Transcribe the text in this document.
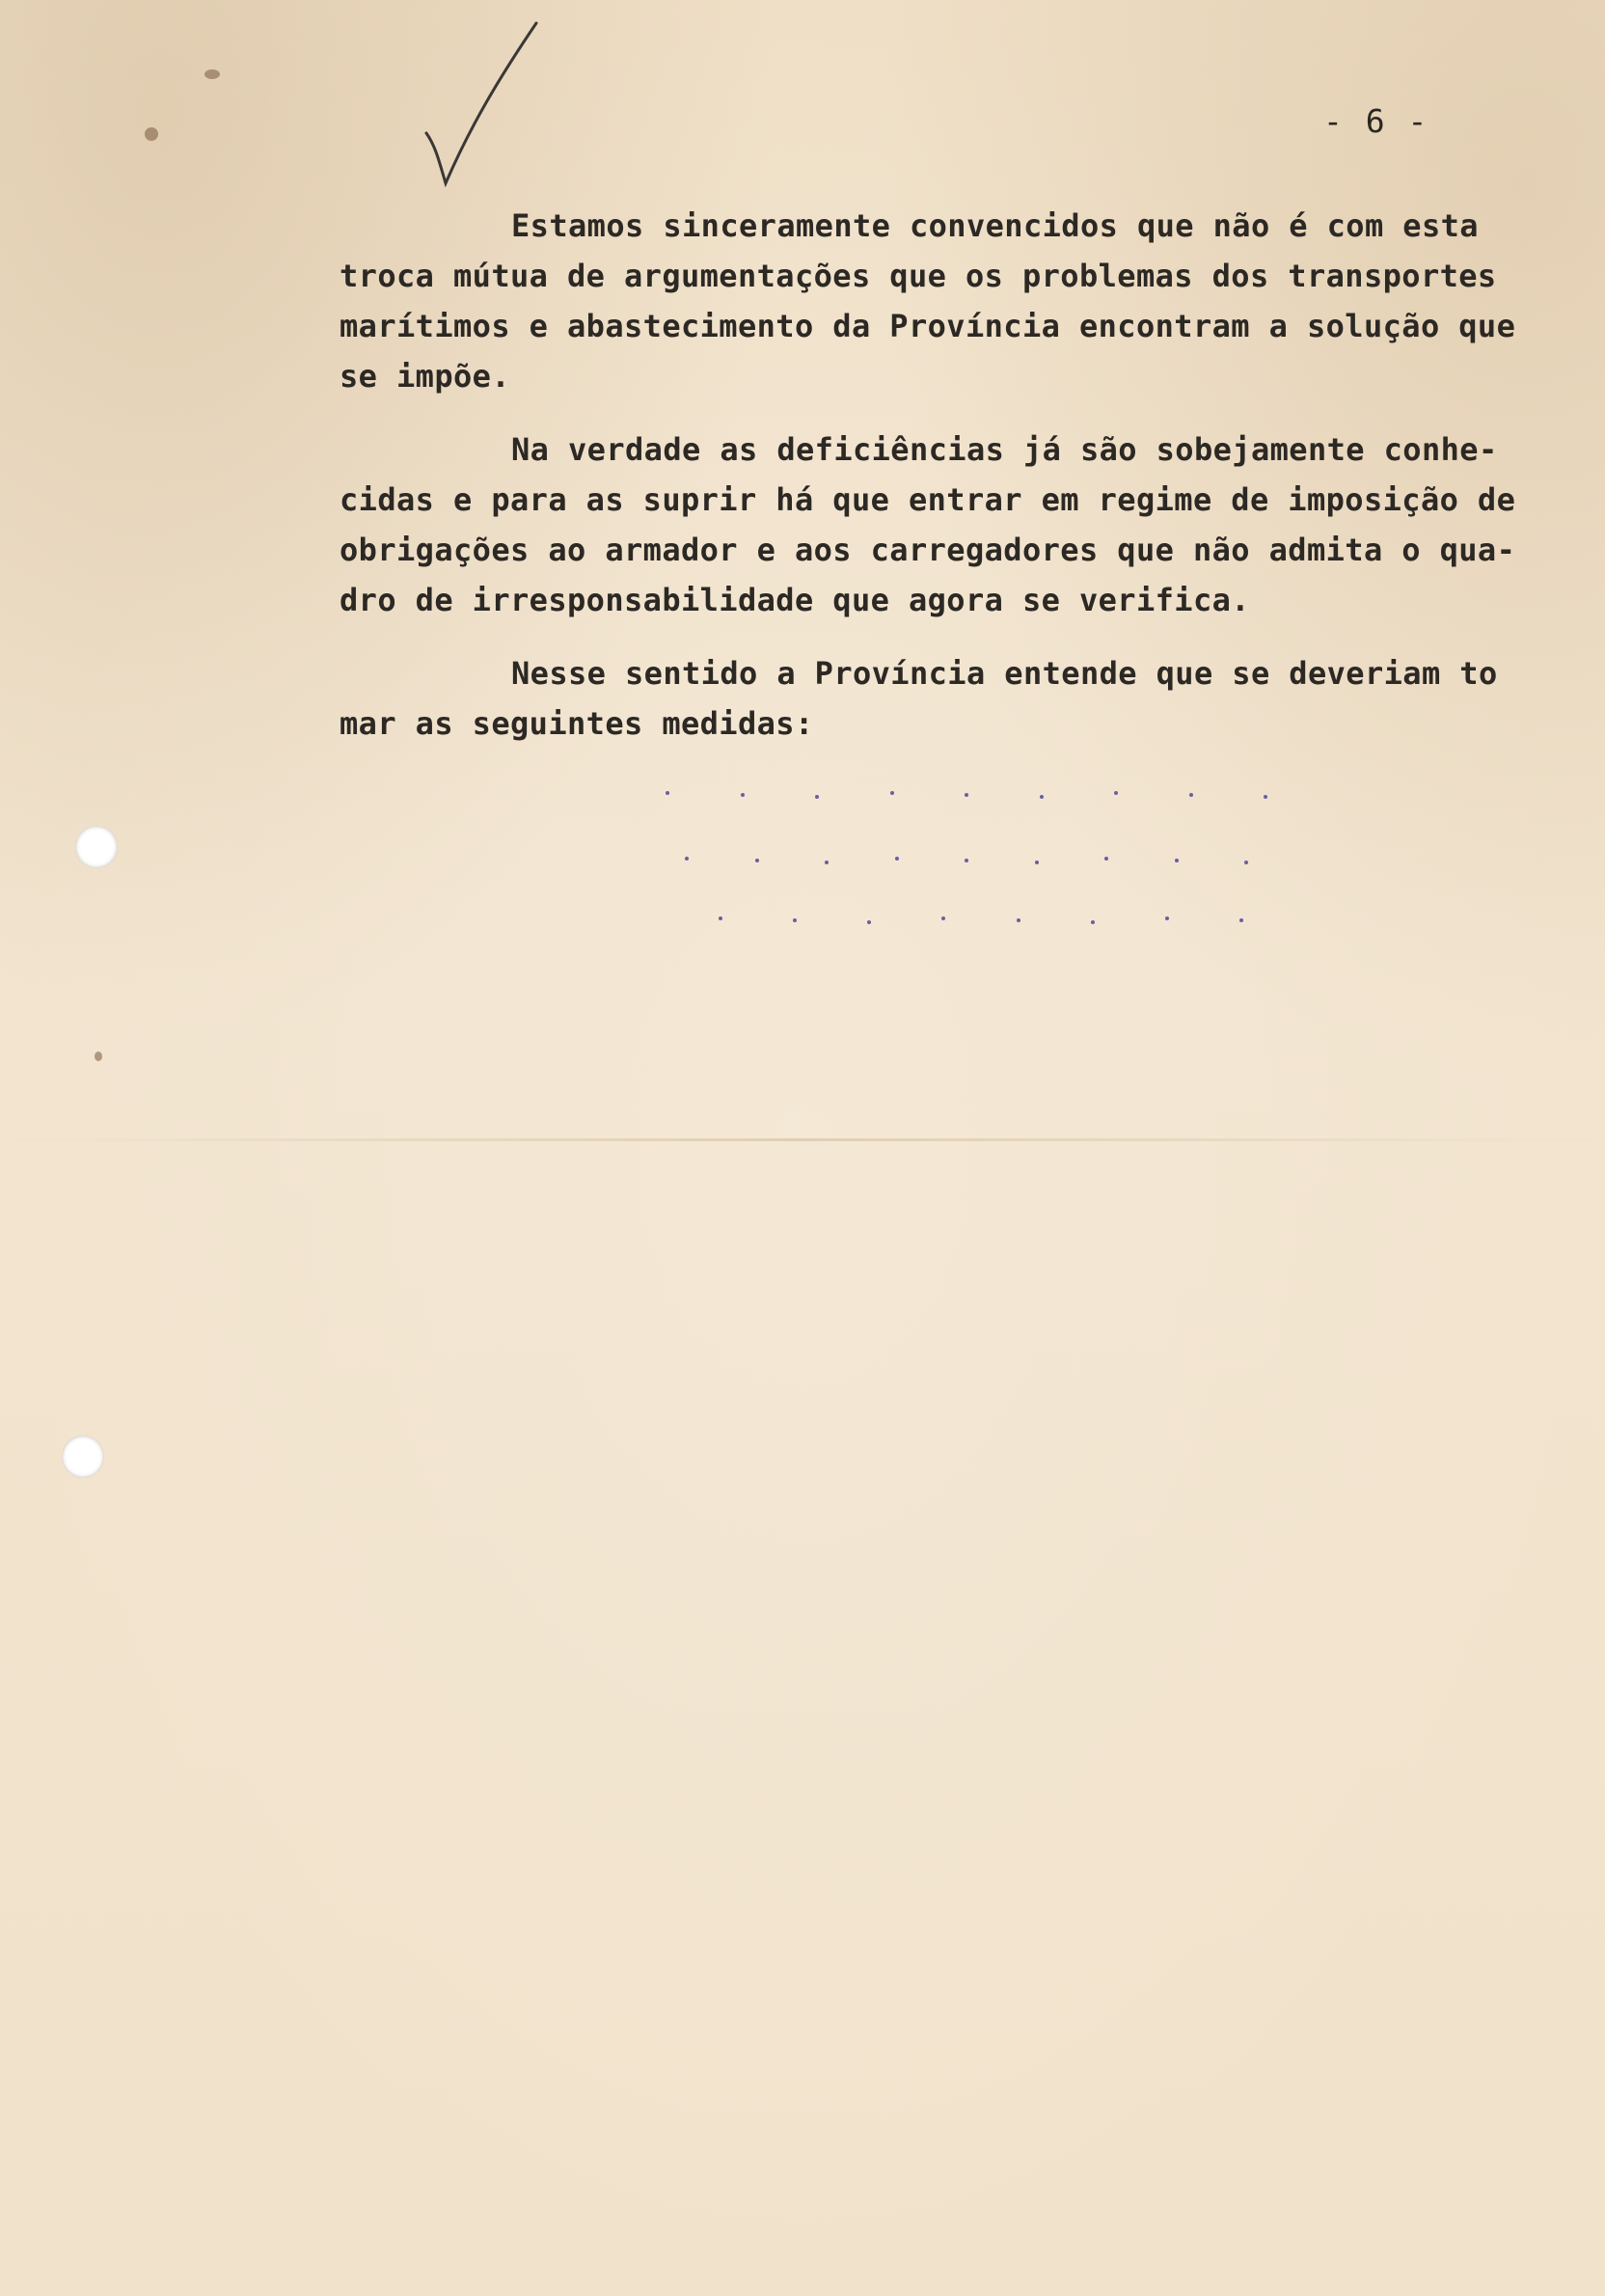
- 6 -
Estamos sinceramente convencidos que não é com esta
troca mútua de argumentações que os problemas dos transportes
marítimos e abastecimento da Província encontram a solução que
se impõe.
Na verdade as deficiências já são sobejamente conhe-
cidas e para as suprir há que entrar em regime de imposição de
obrigações ao armador e aos carregadores que não admita o qua-
dro de irresponsabilidade que agora se verifica.
Nesse sentido a Província entende que se deveriam to
mar as seguintes medidas:
